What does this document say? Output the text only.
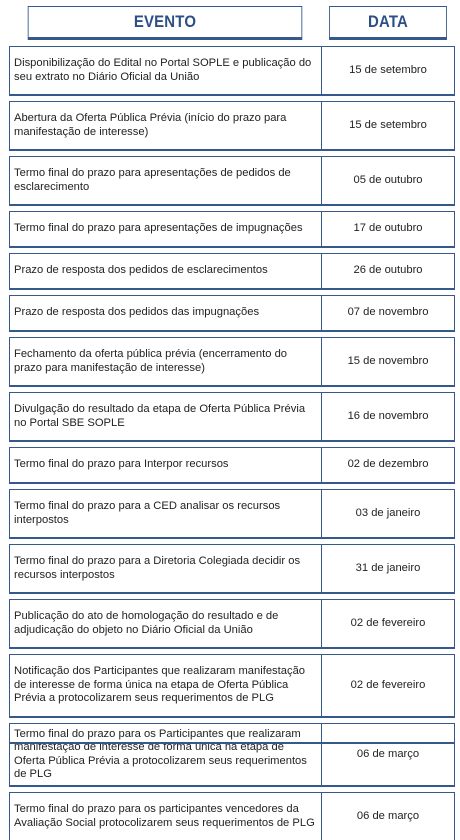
EVENTO	DATA
Disponibilização do Edital no Portal SOPLE e publicação do seu extrato no Diário Oficial da União
15 de setembro
Abertura da Oferta Pública Prévia (início do prazo para manifestação de interesse)
15 de setembro
Termo final do prazo para apresentações de pedidos de esclarecimento
05 de outubro
Termo final do prazo para apresentações de impugnações	17 de outubro
Prazo de resposta dos pedidos de esclarecimentos	26 de outubro
Prazo de resposta dos pedidos das impugnações	07 de novembro
Fechamento da oferta pública prévia (encerramento do prazo para manifestação de interesse)
15 de novembro
Divulgação do resultado da etapa de Oferta Pública Prévia no Portal SBE SOPLE
16 de novembro
Termo final do prazo para Interpor recursos	02 de dezembro
Termo final do prazo para a CED analisar os recursos interpostos
03 de janeiro
Termo final do prazo para a Diretoria Colegiada decidir os recursos interpostos
31 de janeiro
Publicação do ato de homologação do resultado e de adjudicação do objeto no Diário Oficial da União
02 de fevereiro
Notificação dos Participantes que realizaram manifestação de interesse de forma única na etapa de Oferta Pública Prévia a protocolizarem seus requerimentos de PLG
02 de fevereiro
Termo final do prazo para os Participantes que realizaram manifestação de interesse de forma única na etapa de Oferta Pública Prévia a protocolizarem seus requerimentos de PLG
06 de março
Termo final do prazo para os participantes vencedores da Avaliação Social protocolizarem seus requerimentos de PLG
06 de março
